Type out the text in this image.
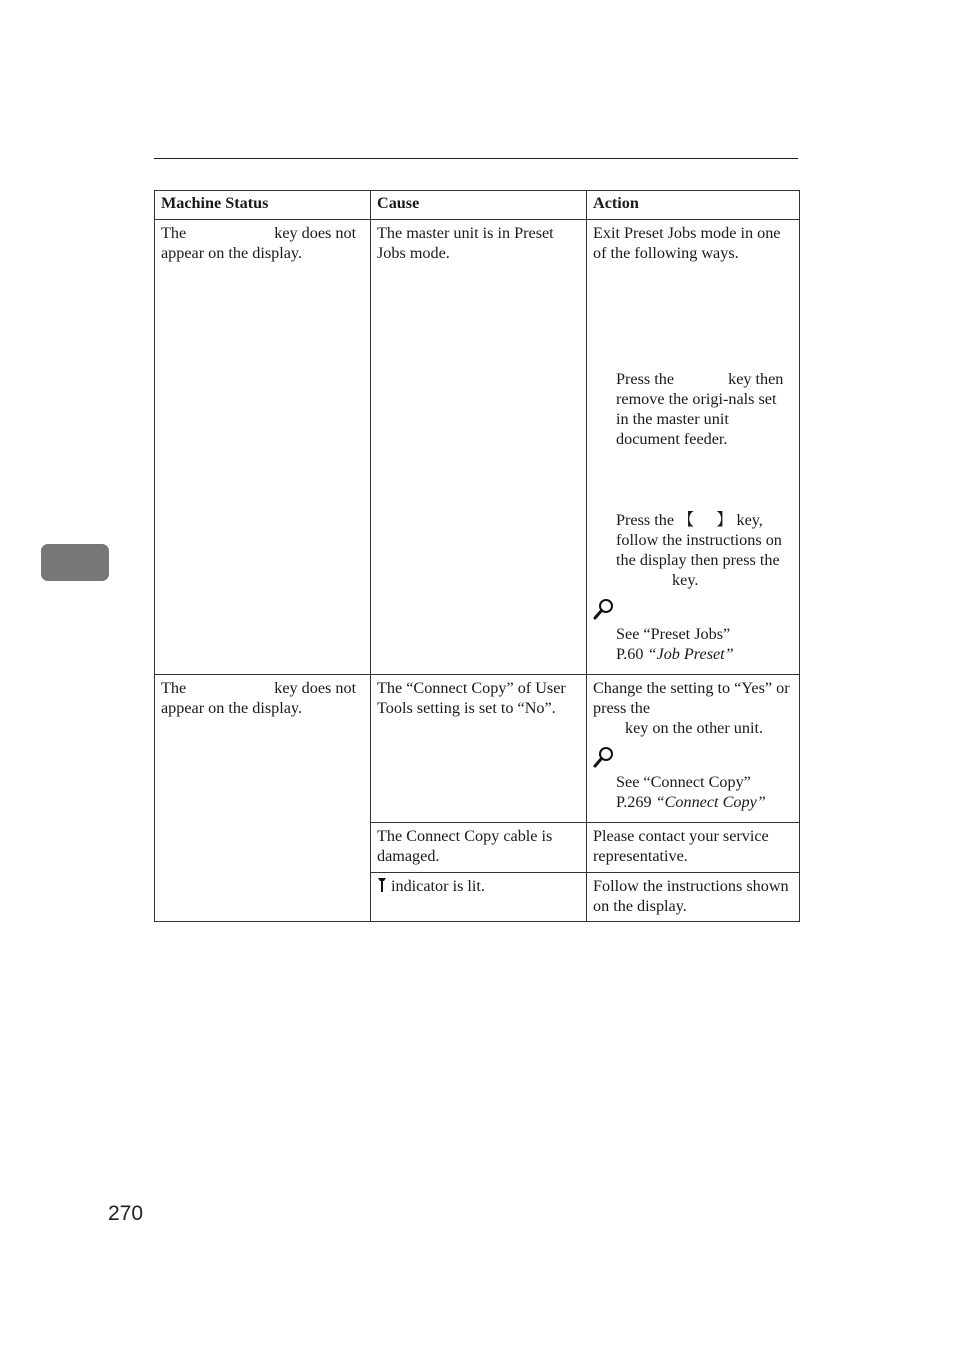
Machine Status	Cause	Action
The key does not appear on the display.	The master unit is in Preset Jobs mode.	Exit Preset Jobs mode in one of the following ways.
Press the key then remove the origi-nals set in the master unit document feeder.
Press the 【 】 key, follow the instructions on the display then press the  key.
See “Preset Jobs”
P.60 “Job Preset”

The key does not appear on the display.	The “Connect Copy” of User Tools setting is set to “No”.	Change the setting to “Yes” or press the
key on the other unit.
See “Connect Copy”
P.269 “Connect Copy”

	The Connect Copy cable is damaged.	Please contact your service representative.
	indicator is lit.	Follow the instructions shown on the display.
270
